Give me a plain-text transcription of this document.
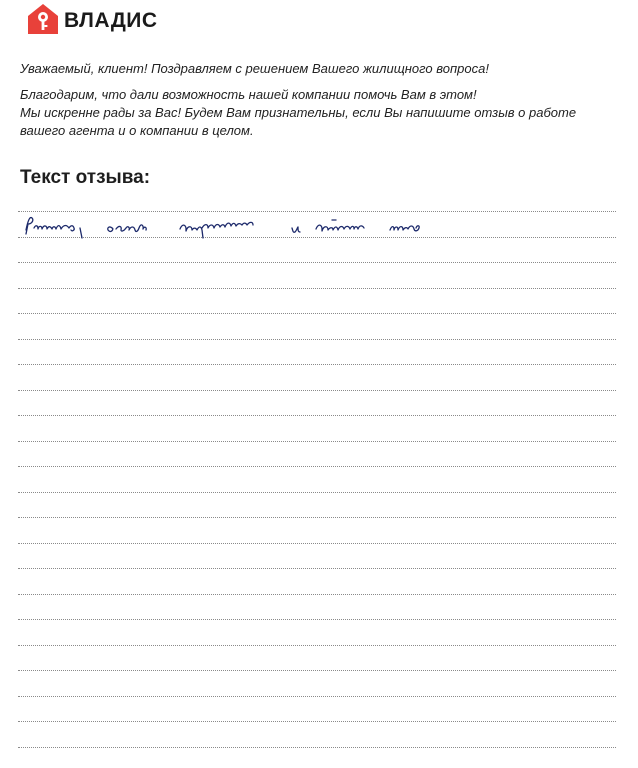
ВЛАДИС

Уважаемый, клиент! Поздравляем с решением Вашего жилищного вопроса!

Благодарим, что дали возможность нашей компании помочь Вам в этом!

Мы искренне рады за Вас! Будем Вам признательны, если Вы напишите отзыв о работе

вашего агента и о компании в целом.

Текст отзыва:
